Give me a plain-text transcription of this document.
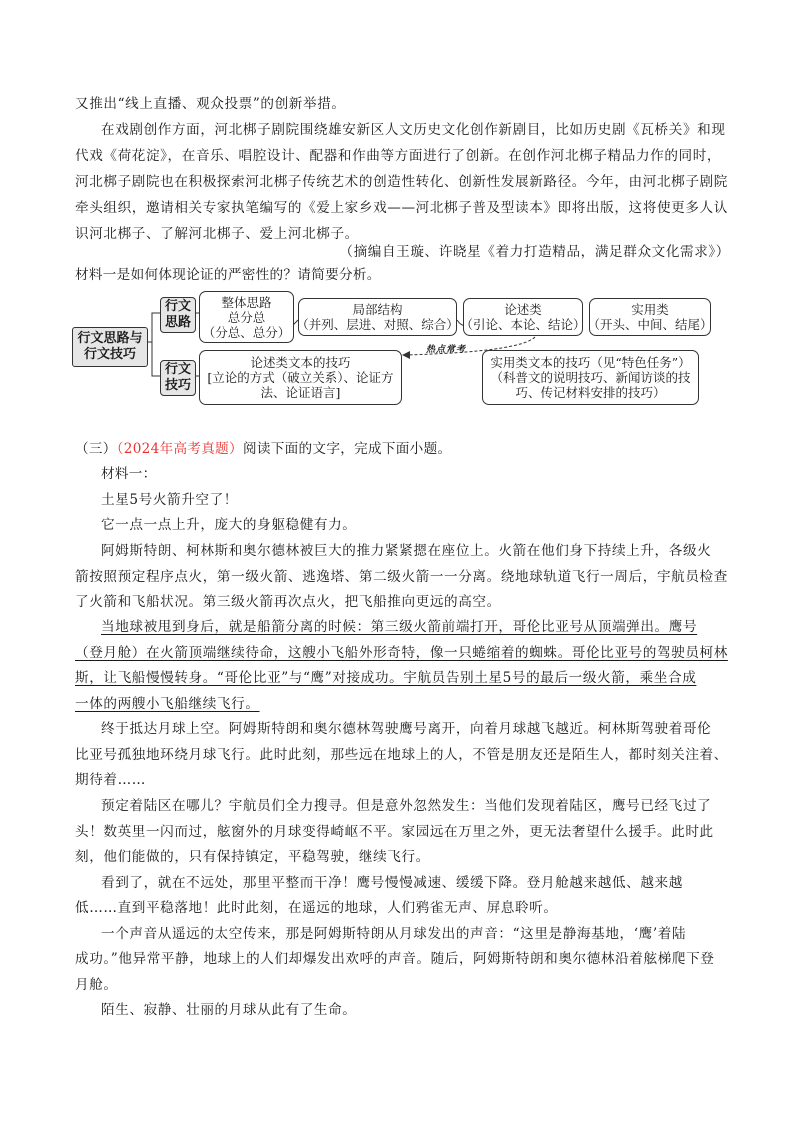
又推出“线上直播、观众投票”的创新举措。
在戏剧创作方面，河北梆子剧院围绕雄安新区人文历史文化创作新剧目，比如历史剧《瓦桥关》和现
代戏《荷花淀》，在音乐、唱腔设计、配器和作曲等方面进行了创新。在创作河北梆子精品力作的同时，
河北梆子剧院也在积极探索河北梆子传统艺术的创造性转化、创新性发展新路径。今年，由河北梆子剧院
牵头组织，邀请相关专家执笔编写的《爱上家乡戏——河北梆子普及型读本》即将出版，这将使更多人认
识河北梆子、了解河北梆子、爱上河北梆子。
（摘编自王璇、许晓星《着力打造精品，满足群众文化需求》）
材料一是如何体现论证的严密性的？请简要分析。
行文思路与
行文技巧
行文
思路
行文
技巧
整体思路
总分总
（分总、总分）
局部结构
（并列、层进、对照、综合）
论述类
（引论、本论、结论）
实用类
（开头、中间、结尾）
论述类文本的技巧
[立论的方式（破立关系）、论证方
法、论证语言]
实用类文本的技巧（见“特色任务”）
（科普文的说明技巧、新闻访谈的技
巧、传记材料安排的技巧）
热点常考
（三）（2024年高考真题）阅读下面的文字，完成下面小题。
材料一：
土星5号火箭升空了！
它一点一点上升，庞大的身躯稳健有力。
阿姆斯特朗、柯林斯和奥尔德林被巨大的推力紧紧摁在座位上。火箭在他们身下持续上升，各级火
箭按照预定程序点火，第一级火箭、逃逸塔、第二级火箭一一分离。绕地球轨道飞行一周后，宇航员检查
了火箭和飞船状况。第三级火箭再次点火，把飞船推向更远的高空。
当地球被甩到身后，就是船箭分离的时候：第三级火箭前端打开，哥伦比亚号从顶端弹出。鹰号
（登月舱）在火箭顶端继续待命，这艘小飞船外形奇特，像一只蜷缩着的蜘蛛。哥伦比亚号的驾驶员柯林
斯，让飞船慢慢转身。“哥伦比亚”与“鹰”对接成功。宇航员告别土星5号的最后一级火箭，乘坐合成
一体的两艘小飞船继续飞行。
终于抵达月球上空。阿姆斯特朗和奥尔德林驾驶鹰号离开，向着月球越飞越近。柯林斯驾驶着哥伦
比亚号孤独地环绕月球飞行。此时此刻，那些远在地球上的人，不管是朋友还是陌生人，都时刻关注着、
期待着……
预定着陆区在哪儿？宇航员们全力搜寻。但是意外忽然发生：当他们发现着陆区，鹰号已经飞过了
头！数英里一闪而过，舷窗外的月球变得崎岖不平。家园远在万里之外，更无法奢望什么援手。此时此
刻，他们能做的，只有保持镇定，平稳驾驶，继续飞行。
看到了，就在不远处，那里平整而干净！鹰号慢慢减速、缓缓下降。登月舱越来越低、越来越
低……直到平稳落地！此时此刻，在遥远的地球，人们鸦雀无声、屏息聆听。
一个声音从遥远的太空传来，那是阿姆斯特朗从月球发出的声音：“这里是静海基地，‘鹰’着陆
成功。”他异常平静，地球上的人们却爆发出欢呼的声音。随后，阿姆斯特朗和奥尔德林沿着舷梯爬下登
月舱。
陌生、寂静、壮丽的月球从此有了生命。
